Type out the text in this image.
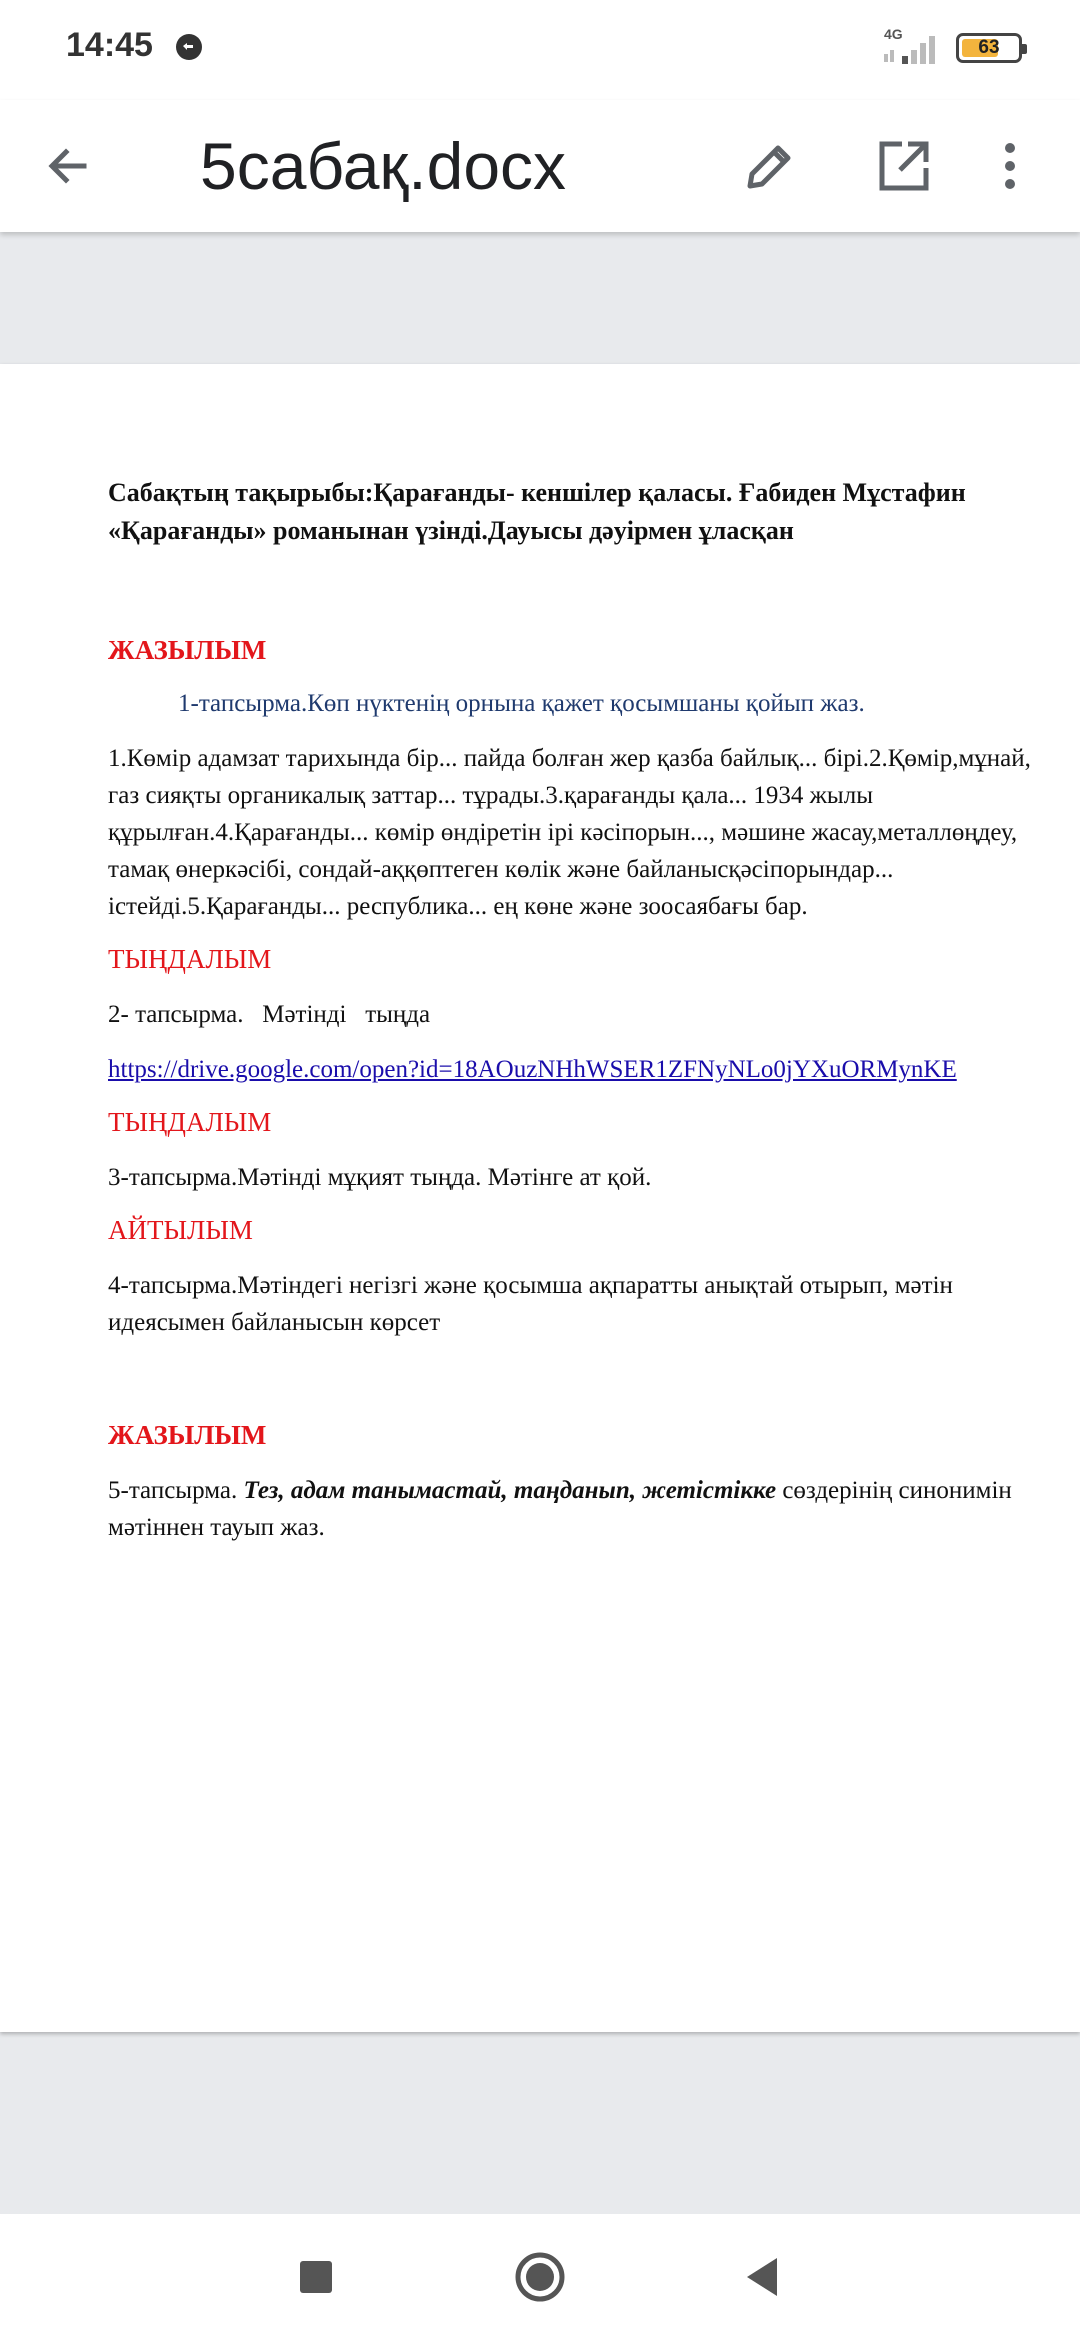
14:45	4G
63
5сабақ.docx

Сабақтың тақырыбы:Қарағанды- кеншілер қаласы. Ғабиден Мұстафин «Қарағанды» романынан үзінді.Дауысы дәуірмен ұласқан

ЖАЗЫЛЫМ

1-тапсырма.Көп нүктенің орнына қажет қосымшаны қойып жаз.

1.Көмір адамзат тарихында бір... пайда болған жер қазба байлық... бірі.2.Қөмір,мұнай, газ сияқты органикалық заттар... тұрады.3.қарағанды қала... 1934 жылы құрылған.4.Қарағанды... көмір өндіретін ірі кәсіпорын..., мәшине жасау,металлөңдеу, тамақ өнеркәсібі, сондай-аққөптеген көлік және байланысқәсіпорындар... істейді.5.Қарағанды... республика... ең көне және зоосаябағы бар.

ТЫҢДАЛЫМ

2- тапсырма.   Мәтінді   тыңда

https://drive.google.com/open?id=18AOuzNHhWSER1ZFNyNLo0jYXuORMynKE

ТЫҢДАЛЫМ

3-тапсырма.Мәтінді мұқият тыңда. Мәтінге ат қой.

АЙТЫЛЫМ

4-тапсырма.Мәтіндегі негізгі және қосымша ақпаратты анықтай отырып, мәтін идеясымен байланысын көрсет

ЖАЗЫЛЫМ

5-тапсырма. Тез, адам танымастай, таңданып, жетістікке сөздерінің синонимін  мәтіннен тауып жаз.
